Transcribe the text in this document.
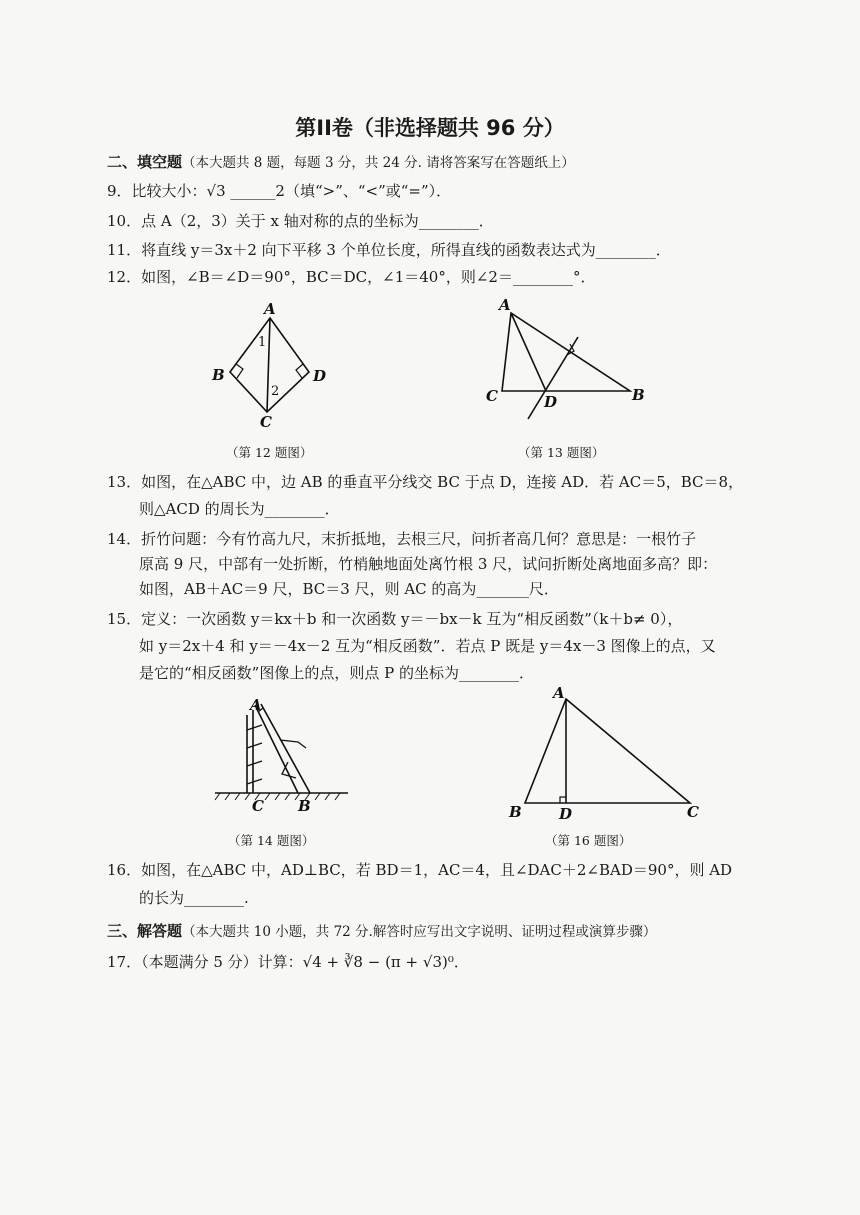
第II卷（非选择题共 96 分）
二、填空题（本大题共 8 题，每题 3 分，共 24 分. 请将答案写在答题纸上）
9．比较大小：√3 ______2（填“>”、“<”或“=”）．
10．点 A（2，3）关于 x 轴对称的点的坐标为________．
11．将直线 y＝3x＋2 向下平移 3 个单位长度，所得直线的函数表达式为________．
12．如图，∠B＝∠D＝90°，BC＝DC，∠1＝40°，则∠2＝________°．
A
B
C
D
1
2
（第 12 题图）
A
C	D	B
（第 13 题图）
13．如图，在△ABC 中，边 AB 的垂直平分线交 BC 于点 D，连接 AD．若 AC＝5，BC＝8，
则△ACD 的周长为________．
14．折竹问题：今有竹高九尺，末折抵地，去根三尺，问折者高几何？意思是：一根竹子
原高 9 尺，中部有一处折断，竹梢触地面处离竹根 3 尺，试问折断处离地面多高？即：
如图，AB＋AC＝9 尺，BC＝3 尺，则 AC 的高为_______尺．
15．定义：一次函数 y＝kx＋b 和一次函数 y＝－bx－k 互为“相反函数”（k＋b≠ 0），
如 y＝2x＋4 和 y＝－4x－2 互为“相反函数”．若点 P 既是 y＝4x－3 图像上的点，又
是它的“相反函数”图像上的点，则点 P 的坐标为________．
A
C B
（第 14 题图）
A
B D	C
（第 16 题图）
16．如图，在△ABC 中，AD⊥BC，若 BD＝1，AC＝4，且∠DAC＋2∠BAD＝90°，则 AD
的长为________.
三、解答题（本大题共 10 小题，共 72 分.解答时应写出文字说明、证明过程或演算步骤）
17．（本题满分 5 分）计算：√4 + ∛8 − (π + √3)⁰．
